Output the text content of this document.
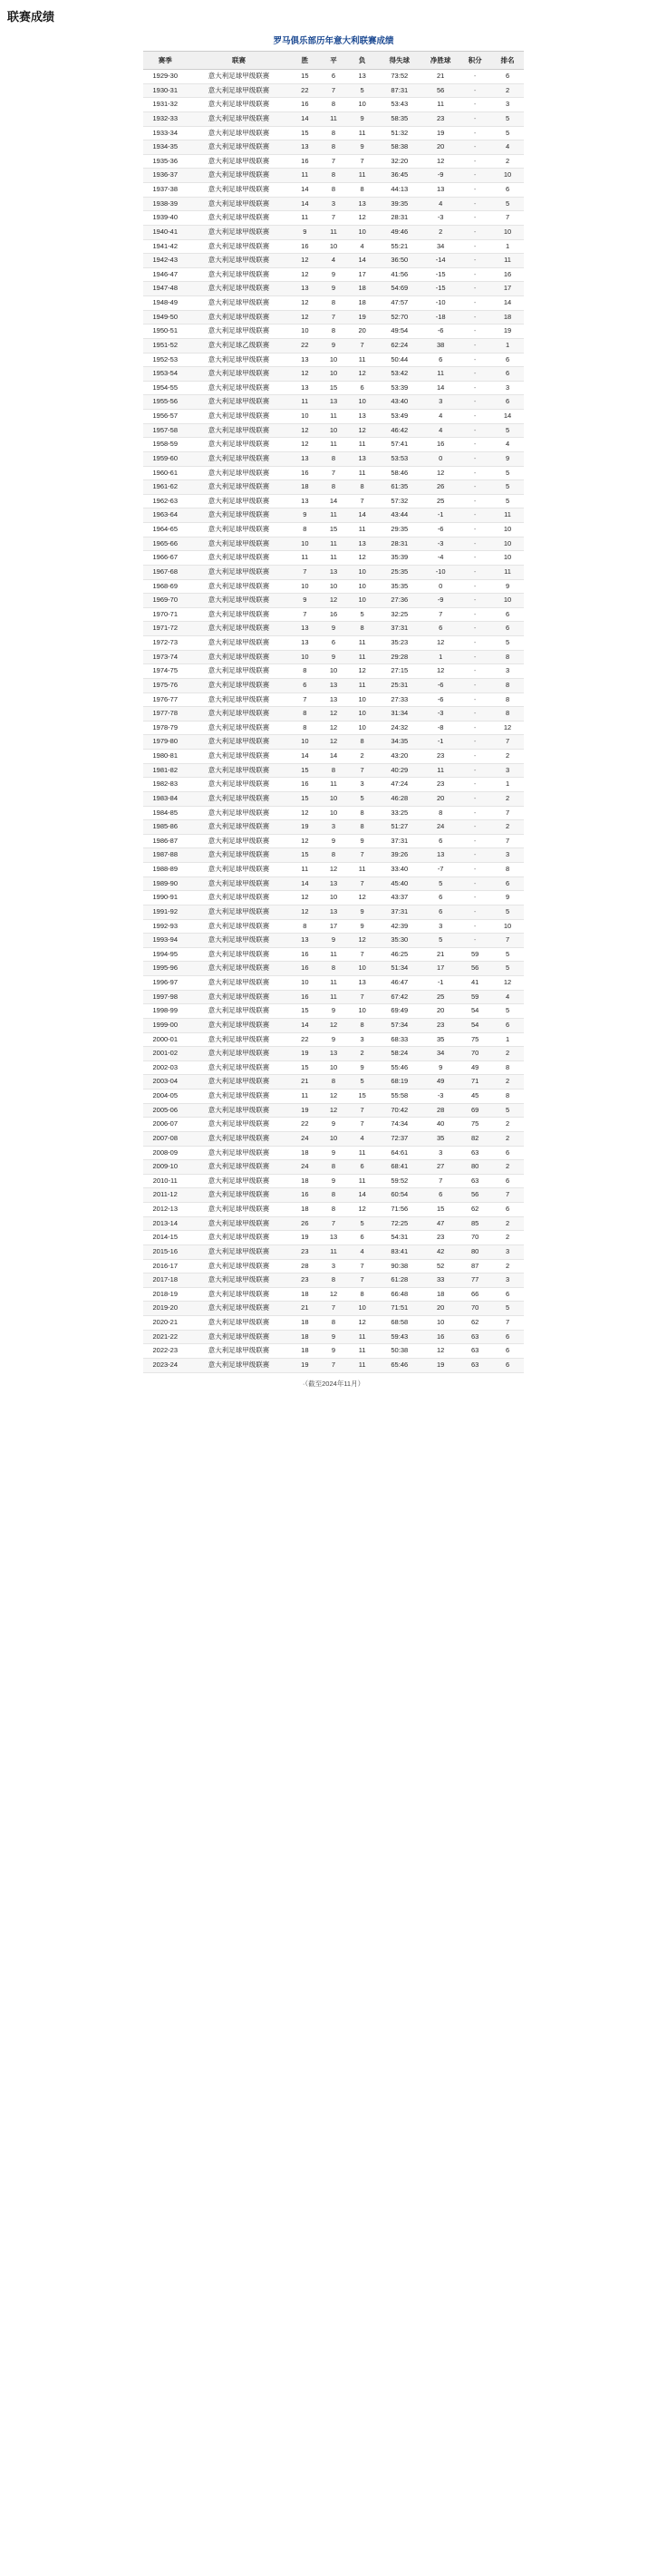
联赛成绩
罗马俱乐部历年意大利联赛成绩
赛季	联赛	胜	平	负	得失球	净胜球	积分	排名
1929-30	意大利足球甲级联赛	15	6	13	73:52	21	-	6
1930-31	意大利足球甲级联赛	22	7	5	87:31	56	-	2
1931-32	意大利足球甲级联赛	16	8	10	53:43	11	-	3
1932-33	意大利足球甲级联赛	14	11	9	58:35	23	-	5
1933-34	意大利足球甲级联赛	15	8	11	51:32	19	-	5
1934-35	意大利足球甲级联赛	13	8	9	58:38	20	-	4
1935-36	意大利足球甲级联赛	16	7	7	32:20	12	-	2
1936-37	意大利足球甲级联赛	11	8	11	36:45	-9	-	10
1937-38	意大利足球甲级联赛	14	8	8	44:13	13	-	6
1938-39	意大利足球甲级联赛	14	3	13	39:35	4	-	5
1939-40	意大利足球甲级联赛	11	7	12	28:31	-3	-	7
1940-41	意大利足球甲级联赛	9	11	10	49:46	2	-	10
1941-42	意大利足球甲级联赛	16	10	4	55:21	34	-	1
1942-43	意大利足球甲级联赛	12	4	14	36:50	-14	-	11
1946-47	意大利足球甲级联赛	12	9	17	41:56	-15	-	16
1947-48	意大利足球甲级联赛	13	9	18	54:69	-15	-	17
1948-49	意大利足球甲级联赛	12	8	18	47:57	-10	-	14
1949-50	意大利足球甲级联赛	12	7	19	52:70	-18	-	18
1950-51	意大利足球甲级联赛	10	8	20	49:54	-6	-	19
1951-52	意大利足球乙级联赛	22	9	7	62:24	38	-	1
1952-53	意大利足球甲级联赛	13	10	11	50:44	6	-	6
1953-54	意大利足球甲级联赛	12	10	12	53:42	11	-	6
1954-55	意大利足球甲级联赛	13	15	6	53:39	14	-	3
1955-56	意大利足球甲级联赛	11	13	10	43:40	3	-	6
1956-57	意大利足球甲级联赛	10	11	13	53:49	4	-	14
1957-58	意大利足球甲级联赛	12	10	12	46:42	4	-	5
1958-59	意大利足球甲级联赛	12	11	11	57:41	16	-	4
1959-60	意大利足球甲级联赛	13	8	13	53:53	0	-	9
1960-61	意大利足球甲级联赛	16	7	11	58:46	12	-	5
1961-62	意大利足球甲级联赛	18	8	8	61:35	26	-	5
1962-63	意大利足球甲级联赛	13	14	7	57:32	25	-	5
1963-64	意大利足球甲级联赛	9	11	14	43:44	-1	-	11
1964-65	意大利足球甲级联赛	8	15	11	29:35	-6	-	10
1965-66	意大利足球甲级联赛	10	11	13	28:31	-3	-	10
1966-67	意大利足球甲级联赛	11	11	12	35:39	-4	-	10
1967-68	意大利足球甲级联赛	7	13	10	25:35	-10	-	11
1968-69	意大利足球甲级联赛	10	10	10	35:35	0	-	9
1969-70	意大利足球甲级联赛	9	12	10	27:36	-9	-	10
1970-71	意大利足球甲级联赛	7	16	5	32:25	7	-	6
1971-72	意大利足球甲级联赛	13	9	8	37:31	6	-	6
1972-73	意大利足球甲级联赛	13	6	11	35:23	12	-	5
1973-74	意大利足球甲级联赛	10	9	11	29:28	1	-	8
1974-75	意大利足球甲级联赛	8	10	12	27:15	12	-	3
1975-76	意大利足球甲级联赛	6	13	11	25:31	-6	-	8
1976-77	意大利足球甲级联赛	7	13	10	27:33	-6	-	8
1977-78	意大利足球甲级联赛	8	12	10	31:34	-3	-	8
1978-79	意大利足球甲级联赛	8	12	10	24:32	-8	-	12
1979-80	意大利足球甲级联赛	10	12	8	34:35	-1	-	7
1980-81	意大利足球甲级联赛	14	14	2	43:20	23	-	2
1981-82	意大利足球甲级联赛	15	8	7	40:29	11	-	3
1982-83	意大利足球甲级联赛	16	11	3	47:24	23	-	1
1983-84	意大利足球甲级联赛	15	10	5	46:28	20	-	2
1984-85	意大利足球甲级联赛	12	10	8	33:25	8	-	7
1985-86	意大利足球甲级联赛	19	3	8	51:27	24	-	2
1986-87	意大利足球甲级联赛	12	9	9	37:31	6	-	7
1987-88	意大利足球甲级联赛	15	8	7	39:26	13	-	3
1988-89	意大利足球甲级联赛	11	12	11	33:40	-7	-	8
1989-90	意大利足球甲级联赛	14	13	7	45:40	5	-	6
1990-91	意大利足球甲级联赛	12	10	12	43:37	6	-	9
1991-92	意大利足球甲级联赛	12	13	9	37:31	6	-	5
1992-93	意大利足球甲级联赛	8	17	9	42:39	3	-	10
1993-94	意大利足球甲级联赛	13	9	12	35:30	5	-	7
1994-95	意大利足球甲级联赛	16	11	7	46:25	21	59	5
1995-96	意大利足球甲级联赛	16	8	10	51:34	17	56	5
1996-97	意大利足球甲级联赛	10	11	13	46:47	-1	41	12
1997-98	意大利足球甲级联赛	16	11	7	67:42	25	59	4
1998-99	意大利足球甲级联赛	15	9	10	69:49	20	54	5
1999-00	意大利足球甲级联赛	14	12	8	57:34	23	54	6
2000-01	意大利足球甲级联赛	22	9	3	68:33	35	75	1
2001-02	意大利足球甲级联赛	19	13	2	58:24	34	70	2
2002-03	意大利足球甲级联赛	15	10	9	55:46	9	49	8
2003-04	意大利足球甲级联赛	21	8	5	68:19	49	71	2
2004-05	意大利足球甲级联赛	11	12	15	55:58	-3	45	8
2005-06	意大利足球甲级联赛	19	12	7	70:42	28	69	5
2006-07	意大利足球甲级联赛	22	9	7	74:34	40	75	2
2007-08	意大利足球甲级联赛	24	10	4	72:37	35	82	2
2008-09	意大利足球甲级联赛	18	9	11	64:61	3	63	6
2009-10	意大利足球甲级联赛	24	8	6	68:41	27	80	2
2010-11	意大利足球甲级联赛	18	9	11	59:52	7	63	6
2011-12	意大利足球甲级联赛	16	8	14	60:54	6	56	7
2012-13	意大利足球甲级联赛	18	8	12	71:56	15	62	6
2013-14	意大利足球甲级联赛	26	7	5	72:25	47	85	2
2014-15	意大利足球甲级联赛	19	13	6	54:31	23	70	2
2015-16	意大利足球甲级联赛	23	11	4	83:41	42	80	3
2016-17	意大利足球甲级联赛	28	3	7	90:38	52	87	2
2017-18	意大利足球甲级联赛	23	8	7	61:28	33	77	3
2018-19	意大利足球甲级联赛	18	12	8	66:48	18	66	6
2019-20	意大利足球甲级联赛	21	7	10	71:51	20	70	5
2020-21	意大利足球甲级联赛	18	8	12	68:58	10	62	7
2021-22	意大利足球甲级联赛	18	9	11	59:43	16	63	6
2022-23	意大利足球甲级联赛	18	9	11	50:38	12	63	6
2023-24	意大利足球甲级联赛	19	7	11	65:46	19	63	6
·（截至2024年11月）
